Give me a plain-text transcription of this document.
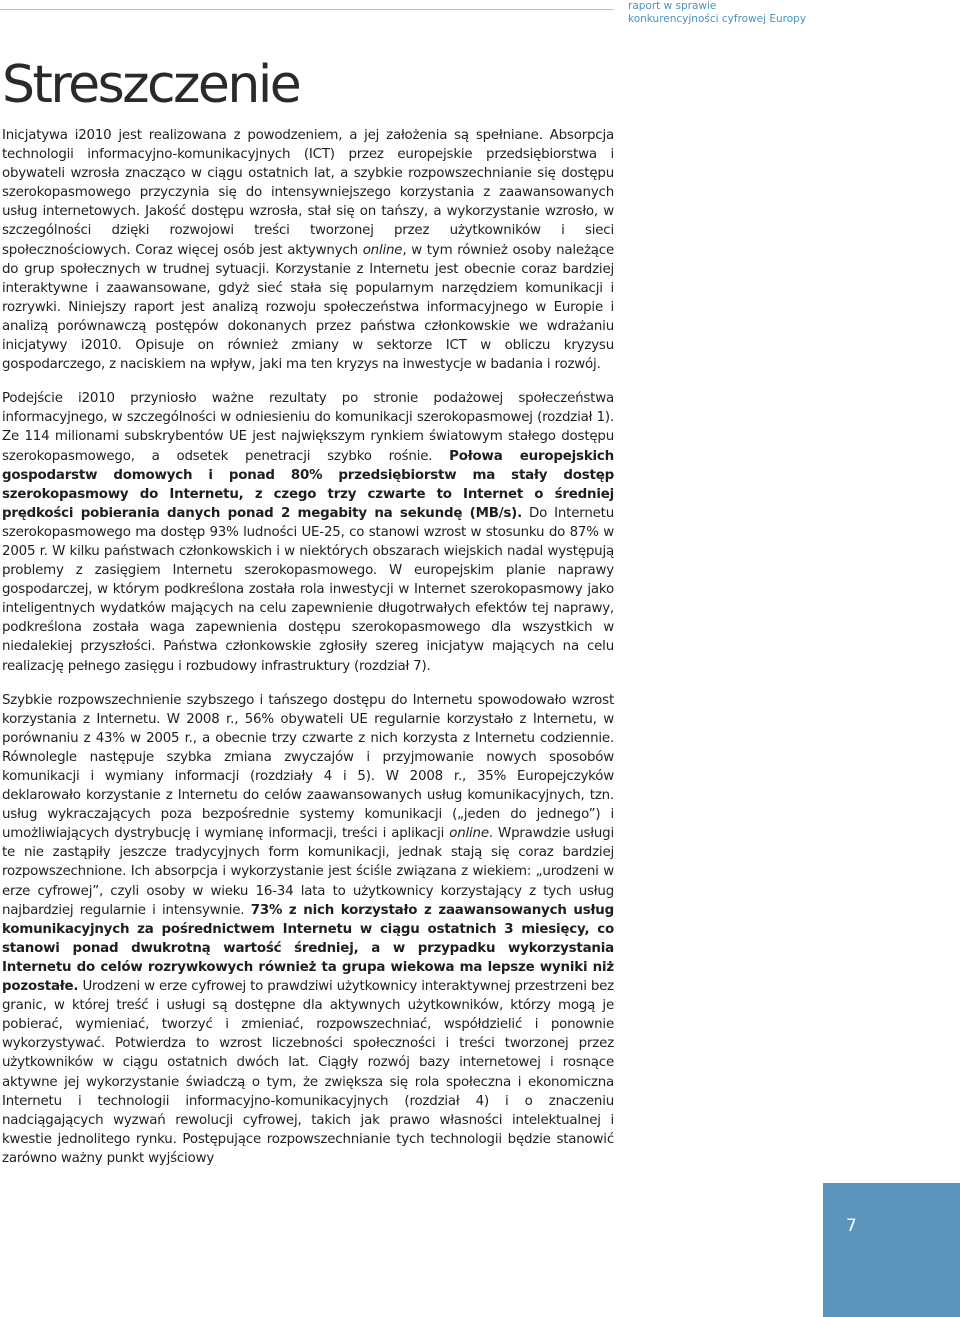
raport w sprawie
konkurencyjności cyfrowej Europy
Streszczenie

Inicjatywa i2010 jest realizowana z powodzeniem, a jej założenia są spełniane. Absorpcja technologii informacyjno-komunikacyjnych (ICT) przez europejskie przedsiębiorstwa i obywateli wzrosła znacząco w ciągu ostatnich lat, a szybkie rozpowszechnianie się dostępu szerokopasmowego przyczynia się do intensywniejszego korzystania z zaawansowanych usług internetowych. Jakość dostępu wzrosła, stał się on tańszy, a wykorzystanie wzrosło, w szczególności dzięki rozwojowi treści tworzonej przez użytkowników i sieci społecznościowych. Coraz więcej osób jest aktywnych online, w tym również osoby należące do grup społecznych w trudnej sytuacji. Korzystanie z Internetu jest obecnie coraz bardziej interaktywne i zaawansowane, gdyż sieć stała się popularnym narzędziem komunikacji i rozrywki. Niniejszy raport jest analizą rozwoju społeczeństwa informacyjnego w Europie i analizą porównawczą postępów dokonanych przez państwa członkowskie we wdrażaniu inicjatywy i2010. Opisuje on również zmiany w sektorze ICT w obliczu kryzysu gospodarczego, z naciskiem na wpływ, jaki ma ten kryzys na inwestycje w badania i rozwój.

Podejście i2010 przyniosło ważne rezultaty po stronie podażowej społeczeństwa informacyjnego, w szczególności w odniesieniu do komunikacji szerokopasmowej (rozdział 1). Ze 114 milionami subskrybentów UE jest największym rynkiem światowym stałego dostępu szerokopasmowego, a odsetek penetracji szybko rośnie. Połowa europejskich gospodarstw domowych i ponad 80% przedsiębiorstw ma stały dostęp szerokopasmowy do Internetu, z czego trzy czwarte to Internet o średniej prędkości pobierania danych ponad 2 megabity na sekundę (MB/s). Do Internetu szerokopasmowego ma dostęp 93% ludności UE-25, co stanowi wzrost w stosunku do 87% w 2005 r. W kilku państwach członkowskich i w niektórych obszarach wiejskich nadal występują problemy z zasięgiem Internetu szerokopasmowego. W europejskim planie naprawy gospodarczej, w którym podkreślona została rola inwestycji w Internet szerokopasmowy jako inteligentnych wydatków mających na celu zapewnienie długotrwałych efektów tej naprawy, podkreślona została waga zapewnienia dostępu szerokopasmowego dla wszystkich w niedalekiej przyszłości. Państwa członkowskie zgłosiły szereg inicjatyw mających na celu realizację pełnego zasięgu i rozbudowy infrastruktury (rozdział 7).

Szybkie rozpowszechnienie szybszego i tańszego dostępu do Internetu spowodowało wzrost korzystania z Internetu. W 2008 r., 56% obywateli UE regularnie korzystało z Internetu, w porównaniu z 43% w 2005 r., a obecnie trzy czwarte z nich korzysta z Internetu codziennie. Równolegle następuje szybka zmiana zwyczajów i przyjmowanie nowych sposobów komunikacji i wymiany informacji (rozdziały 4 i 5). W 2008 r., 35% Europejczyków deklarowało korzystanie z Internetu do celów zaawansowanych usług komunikacyjnych, tzn. usług wykraczających poza bezpośrednie systemy komunikacji („jeden do jednego”) i umożliwiających dystrybucję i wymianę informacji, treści i aplikacji online. Wprawdzie usługi te nie zastąpiły jeszcze tradycyjnych form komunikacji, jednak stają się coraz bardziej rozpowszechnione. Ich absorpcja i wykorzystanie jest ściśle związana z wiekiem: „urodzeni w erze cyfrowej”, czyli osoby w wieku 16-34 lata to użytkownicy korzystający z tych usług najbardziej regularnie i intensywnie. 73% z nich korzystało z zaawansowanych usług komunikacyjnych za pośrednictwem Internetu w ciągu ostatnich 3 miesięcy, co stanowi ponad dwukrotną wartość średniej, a w przypadku wykorzystania Internetu do celów rozrywkowych również ta grupa wiekowa ma lepsze wyniki niż pozostałe. Urodzeni w erze cyfrowej to prawdziwi użytkownicy interaktywnej przestrzeni bez granic, w której treść i usługi są dostępne dla aktywnych użytkowników, którzy mogą je pobierać, wymieniać, tworzyć i zmieniać, rozpowszechniać, współdzielić i ponownie wykorzystywać. Potwierdza to wzrost liczebności społeczności i treści tworzonej przez użytkowników w ciągu ostatnich dwóch lat. Ciągły rozwój bazy internetowej i rosnące aktywne jej wykorzystanie świadczą o tym, że zwiększa się rola społeczna i ekonomiczna Internetu i technologii informacyjno-komunikacyjnych (rozdział 4) i o znaczeniu nadciągających wyzwań rewolucji cyfrowej, takich jak prawo własności intelektualnej i kwestie jednolitego rynku. Postępujące rozpowszechnianie tych technologii będzie stanowić zarówno ważny punkt wyjściowy

7
